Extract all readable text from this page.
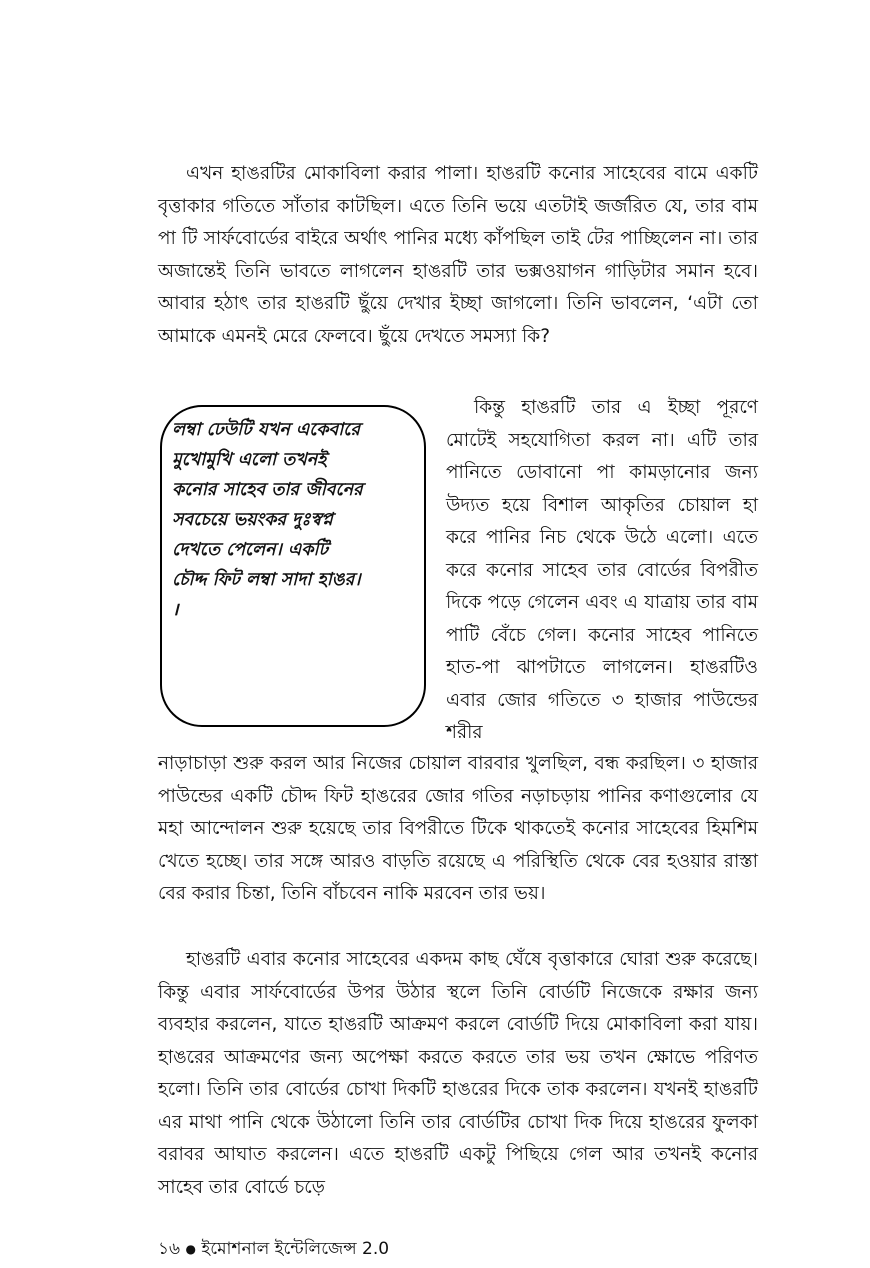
এখন হাঙরটির মোকাবিলা করার পালা। হাঙরটি কনোর সাহেবের বামে একটি বৃত্তাকার গতিতে সাঁতার কাটছিল। এতে তিনি ভয়ে এতটাই জর্জরিত যে, তার বাম পা টি সার্ফবোর্ডের বাইরে অর্থাৎ পানির মধ্যে কাঁপছিল তাই টের পাচ্ছিলেন না। তার অজান্তেই তিনি ভাবতে লাগলেন হাঙরটি তার ভক্সওয়াগন গাড়িটার সমান হবে। আবার হঠাৎ তার হাঙরটি ছুঁয়ে দেখার ইচ্ছা জাগলো। তিনি ভাবলেন, ‘এটা তো আমাকে এমনই মেরে ফেলবে। ছুঁয়ে দেখতে সমস্যা কি?

লম্বা ঢেউটি যখন একেবারে
মুখোমুখি এলো তখনই
কনোর সাহেব তার জীবনের
সবচেয়ে ভয়ংকর দুঃস্বপ্ন
দেখতে পেলেন। একটি
চৌদ্দ ফিট লম্বা সাদা হাঙর।
।

কিন্তু হাঙরটি তার এ ইচ্ছা পূরণে মোটেই সহযোগিতা করল না। এটি তার পানিতে ডোবানো পা কামড়ানোর জন্য উদ্যত হয়ে বিশাল আকৃতির চোয়াল হা করে পানির নিচ থেকে উঠে এলো। এতে করে কনোর সাহেব তার বোর্ডের বিপরীত দিকে পড়ে গেলেন এবং এ যাত্রায় তার বাম পাটি বেঁচে গেল। কনোর সাহেব পানিতে হাত-পা ঝাপটাতে লাগলেন। হাঙরটিও এবার জোর গতিতে ৩ হাজার পাউন্ডের শরীর

নাড়াচাড়া শুরু করল আর নিজের চোয়াল বারবার খুলছিল, বন্ধ করছিল। ৩ হাজার পাউন্ডের একটি চৌদ্দ ফিট হাঙরের জোর গতির নড়াচড়ায় পানির কণাগুলোর যে মহা আন্দোলন শুরু হয়েছে তার বিপরীতে টিকে থাকতেই কনোর সাহেবের হিমশিম খেতে হচ্ছে। তার সঙ্গে আরও বাড়তি রয়েছে এ পরিস্থিতি থেকে বের হওয়ার রাস্তা বের করার চিন্তা, তিনি বাঁচবেন নাকি মরবেন তার ভয়।

হাঙরটি এবার কনোর সাহেবের একদম কাছ ঘেঁষে বৃত্তাকারে ঘোরা শুরু করেছে। কিন্তু এবার সার্ফবোর্ডের উপর উঠার স্থলে তিনি বোর্ডটি নিজেকে রক্ষার জন্য ব্যবহার করলেন, যাতে হাঙরটি আক্রমণ করলে বোর্ডটি দিয়ে মোকাবিলা করা যায়। হাঙরের আক্রমণের জন্য অপেক্ষা করতে করতে তার ভয় তখন ক্ষোভে পরিণত হলো। তিনি তার বোর্ডের চোখা দিকটি হাঙরের দিকে তাক করলেন। যখনই হাঙরটি এর মাথা পানি থেকে উঠালো তিনি তার বোর্ডটির চোখা দিক দিয়ে হাঙরের ফুলকা বরাবর আঘাত করলেন। এতে হাঙরটি একটু পিছিয়ে গেল আর তখনই কনোর সাহেব তার বোর্ডে চড়ে

১৬ ● ইমোশনাল ইন্টেলিজেন্স 2.0
